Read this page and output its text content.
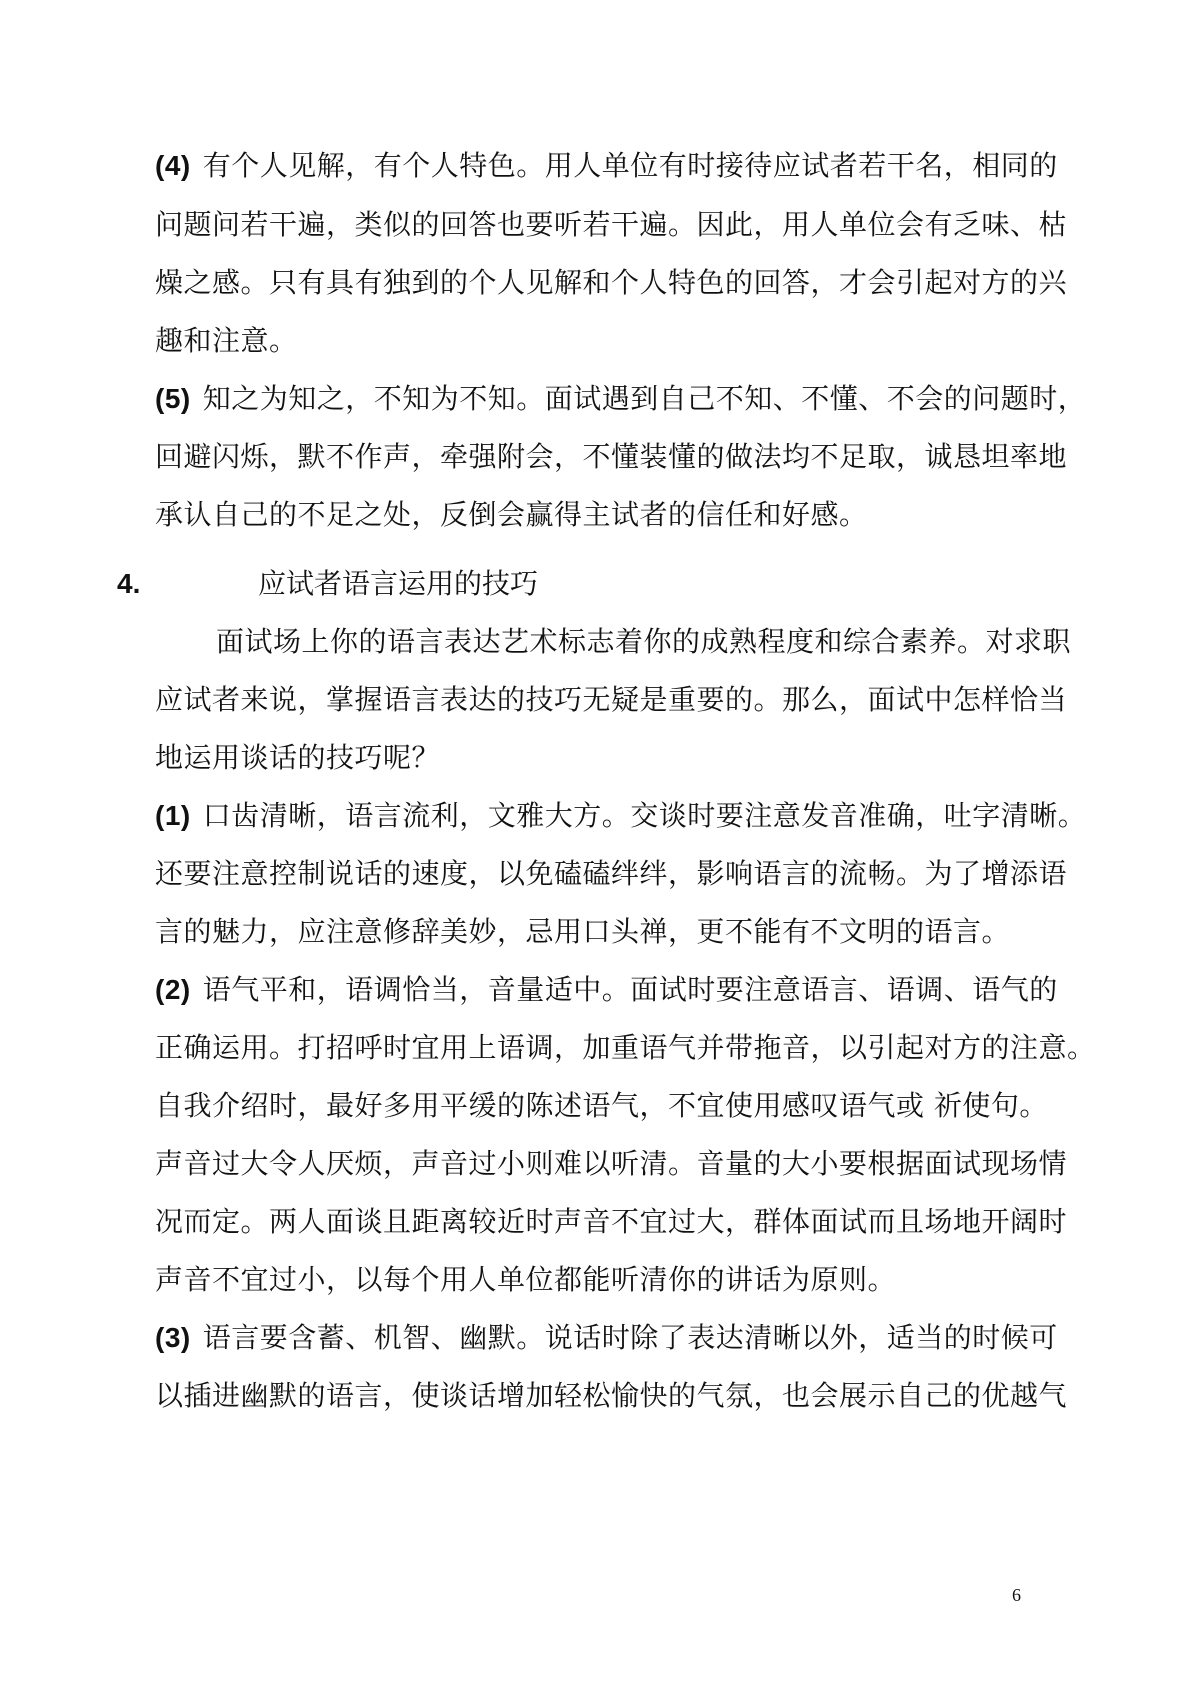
(4) 有个人见解，有个人特色。用人单位有时接待应试者若干名，相同的
问题问若干遍，类似的回答也要听若干遍。因此，用人单位会有乏味、枯
燥之感。只有具有独到的个人见解和个人特色的回答，才会引起对方的兴
趣和注意。
(5) 知之为知之，不知为不知。面试遇到自己不知、不懂、不会的问题时，
回避闪烁，默不作声，牵强附会，不懂装懂的做法均不足取，诚恳坦率地
承认自己的不足之处，反倒会赢得主试者的信任和好感。
4.	应试者语言运用的技巧
面试场上你的语言表达艺术标志着你的成熟程度和综合素养。对求职
应试者来说，掌握语言表达的技巧无疑是重要的。那么，面试中怎样恰当
地运用谈话的技巧呢？
(1) 口齿清晰，语言流利，文雅大方。交谈时要注意发音准确，吐字清晰。
还要注意控制说话的速度，以免磕磕绊绊，影响语言的流畅。为了增添语
言的魅力，应注意修辞美妙，忌用口头禅，更不能有不文明的语言。
(2) 语气平和，语调恰当，音量适中。面试时要注意语言、语调、语气的
正确运用。打招呼时宜用上语调，加重语气并带拖音，以引起对方的注意。
自我介绍时，最好多用平缓的陈述语气，不宜使用感叹语气或 祈使句。
声音过大令人厌烦，声音过小则难以听清。音量的大小要根据面试现场情
况而定。两人面谈且距离较近时声音不宜过大，群体面试而且场地开阔时
声音不宜过小，以每个用人单位都能听清你的讲话为原则。
(3) 语言要含蓄、机智、幽默。说话时除了表达清晰以外，适当的时候可
以插进幽默的语言，使谈话增加轻松愉快的气氛，也会展示自己的优越气
6
